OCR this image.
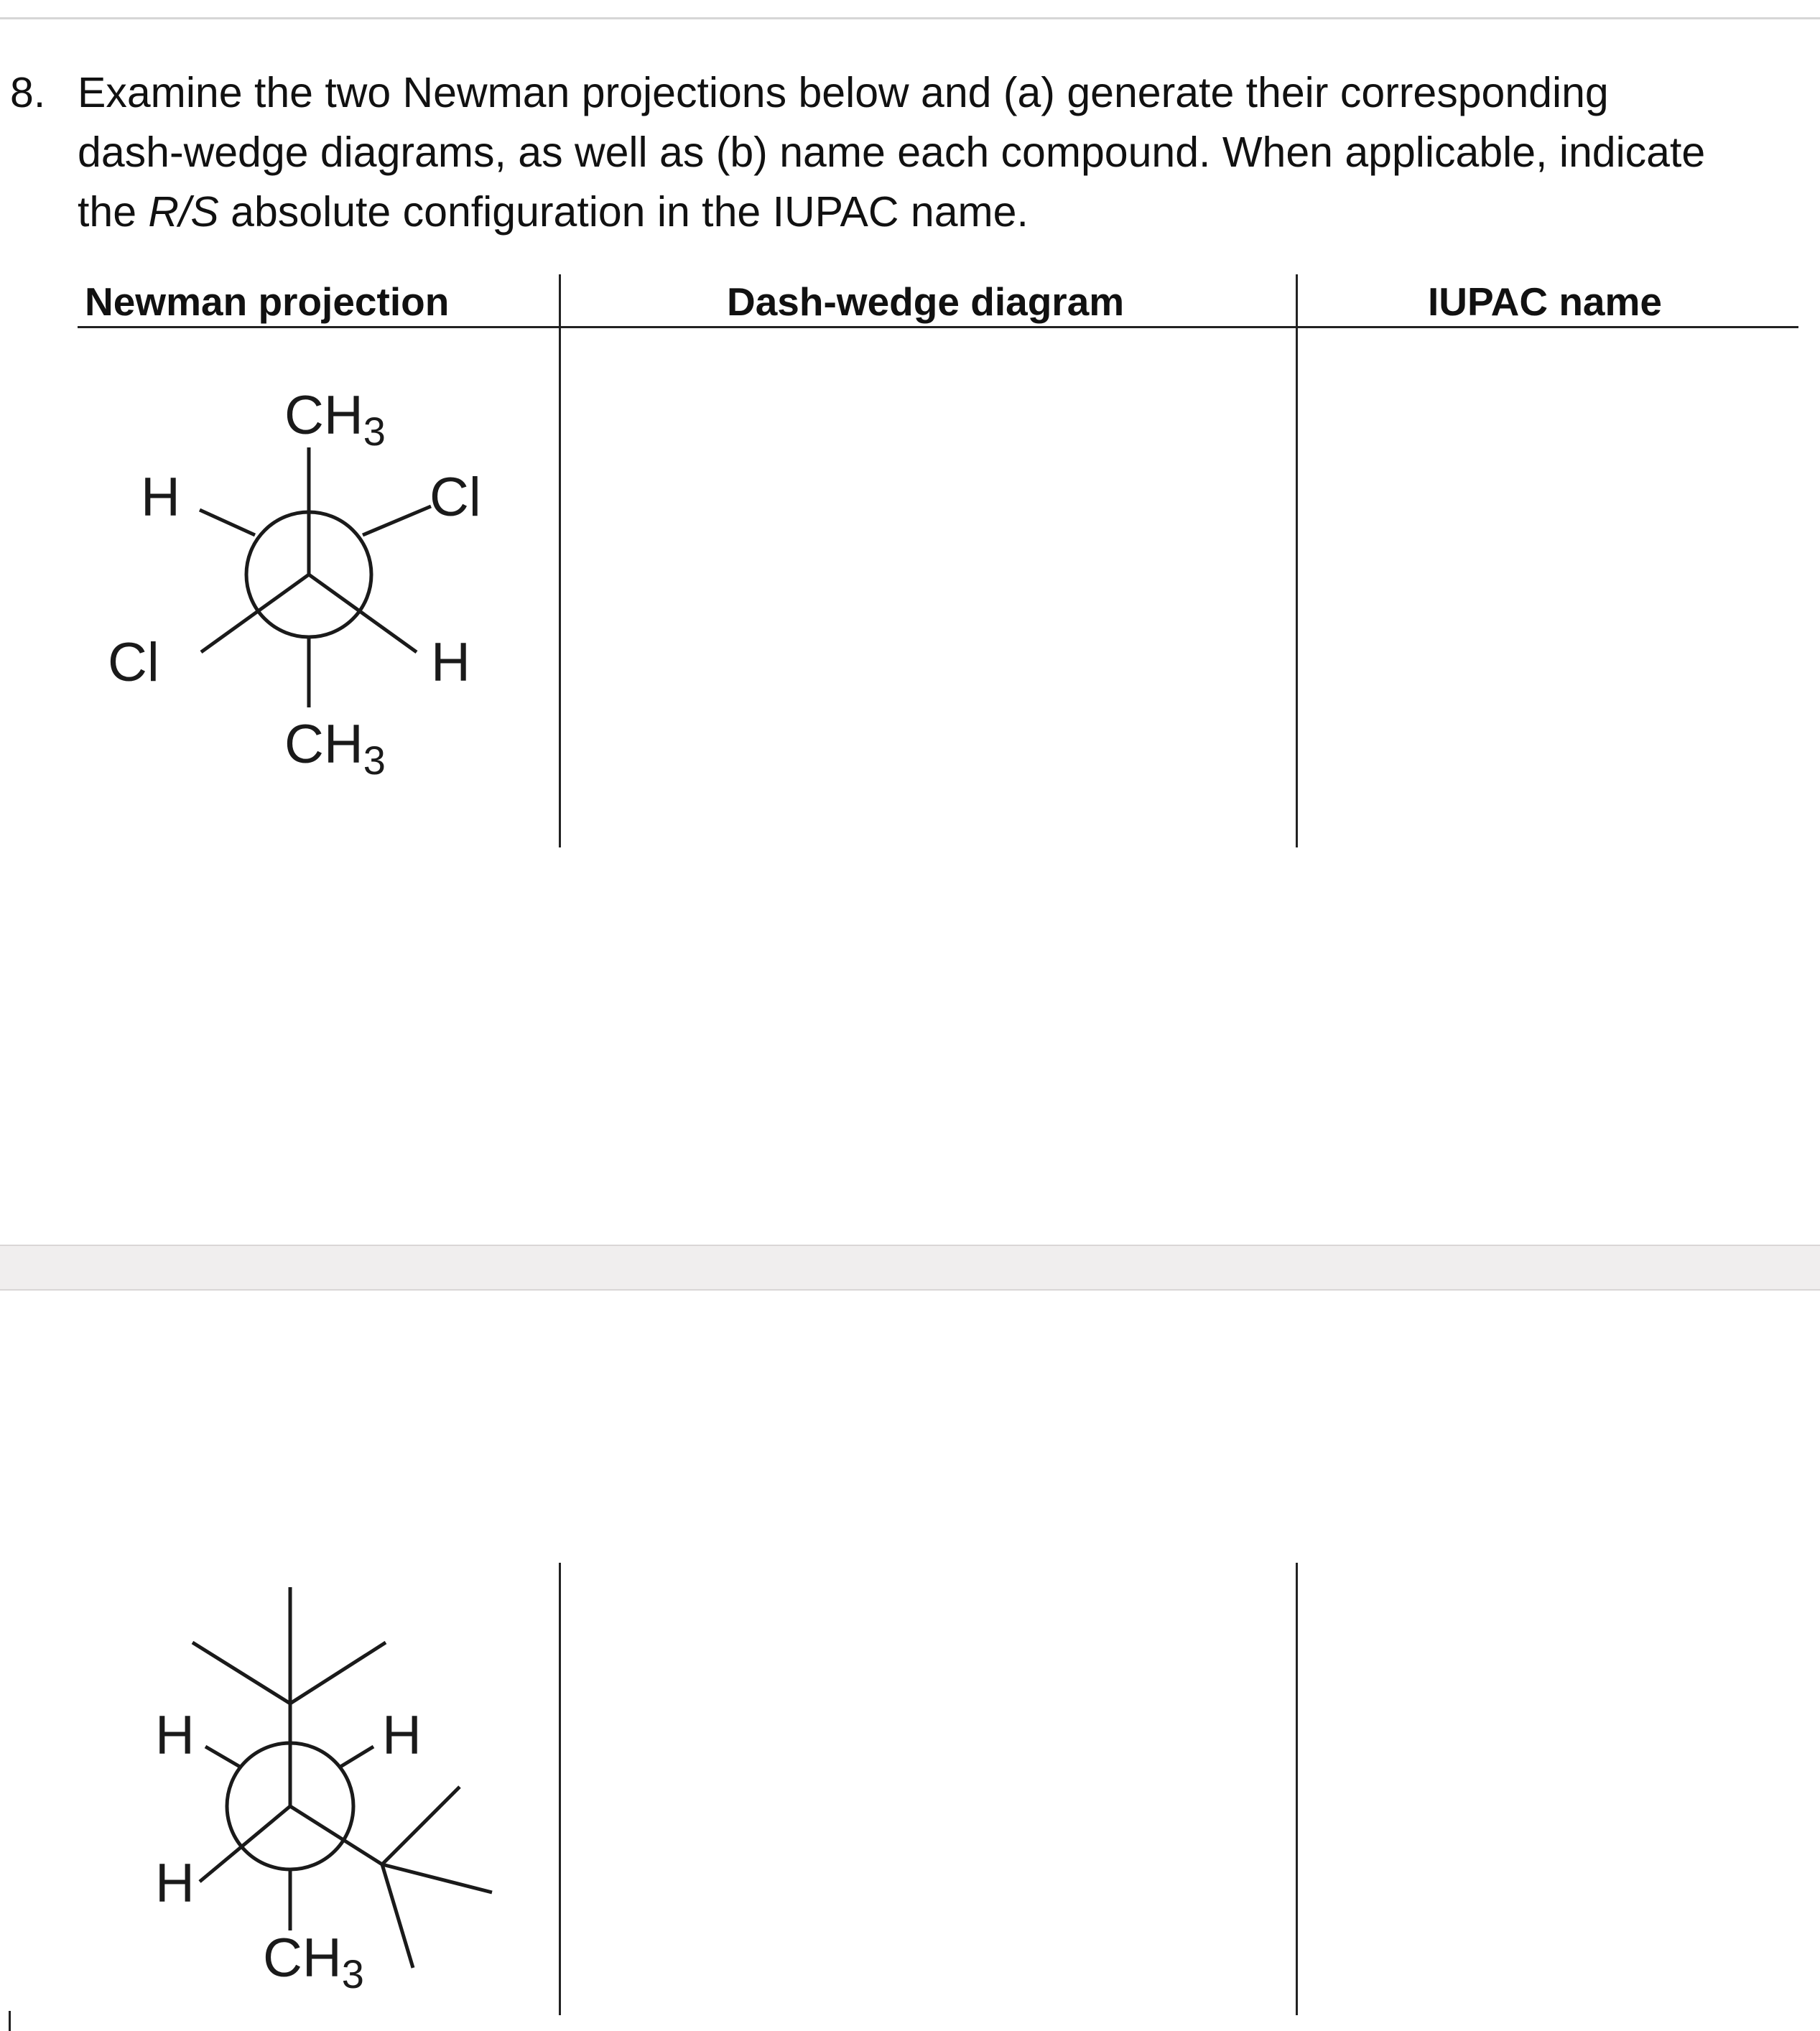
8. Examine the two Newman projections below and (a) generate their corresponding
dash-wedge diagrams, as well as (b) name each compound. When applicable, indicate
the R/S absolute configuration in the IUPAC name.
Newman projection	Dash-wedge diagram	IUPAC name
$CH_3$
H	Cl
Cl	H
$CH_3$
H	H
H
$CH_3$
